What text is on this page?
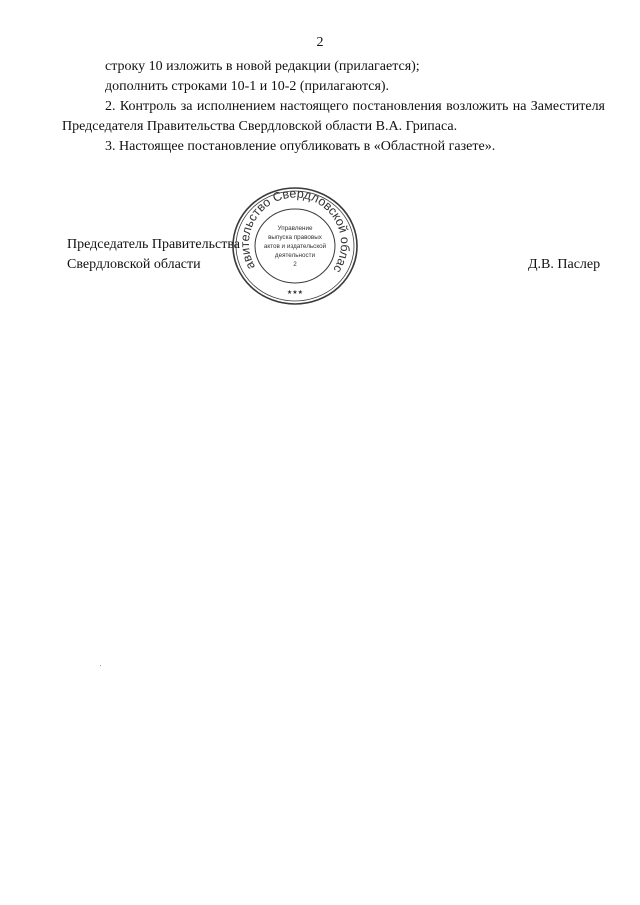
2

строку 10 изложить в новой редакции (прилагается);

дополнить строками 10-1 и 10-2 (прилагаются).

2. Контроль за исполнением настоящего постановления возложить на Заместителя Председателя Правительства Свердловской области В.А. Грипаса.

3. Настоящее постановление опубликовать в «Областной газете».

Председатель Правительства
Свердловской области	Д.В. Паслер
авительство Свердловской облас
Управление
выпуска правовых
актов и издательской
деятельности
2
★★★
